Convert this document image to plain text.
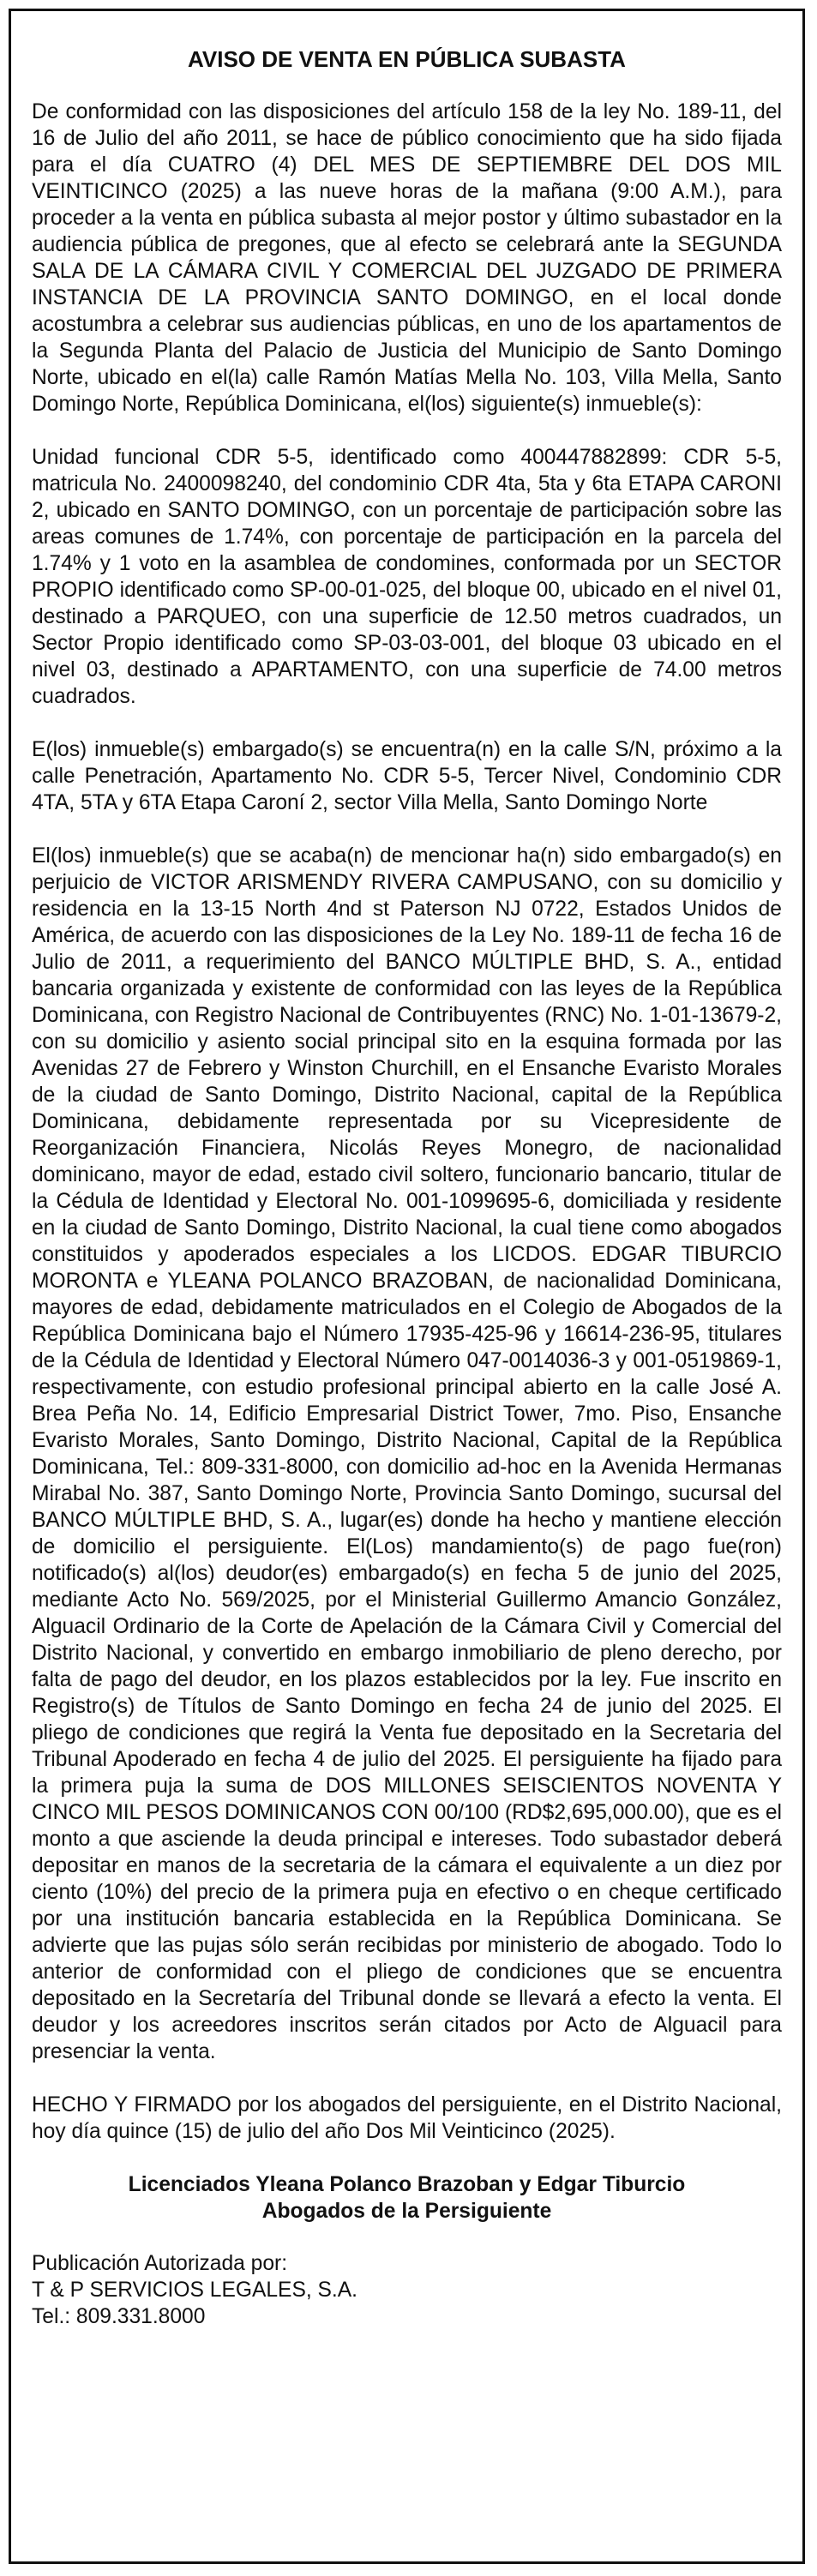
AVISO DE VENTA EN PÚBLICA SUBASTA

De conformidad con las disposiciones del artículo 158 de la ley No. 189-11, del 16 de Julio del año 2011, se hace de público conocimiento que ha sido fijada para el día CUATRO (4) DEL MES DE SEPTIEMBRE DEL DOS MIL VEINTICINCO (2025) a las nueve horas de la mañana (9:00 A.M.), para proceder a la venta en pública subasta al mejor postor y último subastador en la audiencia pública de pregones, que al efecto se celebrará ante la SEGUNDA SALA DE LA CÁMARA CIVIL Y COMERCIAL DEL JUZGADO DE PRIMERA INSTANCIA DE LA PROVINCIA SANTO DOMINGO, en el local donde acostumbra a celebrar sus audiencias públicas, en uno de los apartamentos de la Segunda Planta del Palacio de Justicia del Municipio de Santo Domingo Norte, ubicado en el(la) calle Ramón Matías Mella No. 103, Villa Mella, Santo Domingo Norte, República Dominicana, el(los) siguiente(s) inmueble(s):

Unidad funcional CDR 5-5, identificado como 400447882899: CDR 5-5, matricula No. 2400098240, del condominio CDR 4ta, 5ta y 6ta ETAPA CARONI 2, ubicado en SANTO DOMINGO, con un porcentaje de participación sobre las areas comunes de 1.74%, con porcentaje de participación en la parcela del 1.74% y 1 voto en la asamblea de condomines, conformada por un SECTOR PROPIO identificado como SP-00-01-025, del bloque 00, ubicado en el nivel 01, destinado a PARQUEO, con una superficie de 12.50 metros cuadrados, un Sector Propio identificado como SP-03-03-001, del bloque 03 ubicado en el nivel 03, destinado a APARTAMENTO, con una superficie de 74.00 metros cuadrados.

E(los) inmueble(s) embargado(s) se encuentra(n) en la calle S/N, próximo a la calle Penetración, Apartamento No. CDR 5-5, Tercer Nivel, Condominio CDR 4TA, 5TA y 6TA Etapa Caroní 2, sector Villa Mella, Santo Domingo Norte

El(los) inmueble(s) que se acaba(n) de mencionar ha(n) sido embargado(s) en perjuicio de VICTOR ARISMENDY RIVERA CAMPUSANO, con su domicilio y residencia en la 13-15 North 4nd st Paterson NJ 0722, Estados Unidos de América, de acuerdo con las disposiciones de la Ley No. 189-11 de fecha 16 de Julio de 2011, a requerimiento del BANCO MÚLTIPLE BHD, S. A., entidad bancaria organizada y existente de conformidad con las leyes de la República Dominicana, con Registro Nacional de Contribuyentes (RNC) No. 1-01-13679-2, con su domicilio y asiento social principal sito en la esquina formada por las Avenidas 27 de Febrero y Winston Churchill, en el Ensanche Evaristo Morales de la ciudad de Santo Domingo, Distrito Nacional, capital de la República Dominicana, debidamente representada por su Vicepresidente de Reorganización Financiera, Nicolás Reyes Monegro, de nacionalidad dominicano, mayor de edad, estado civil soltero, funcionario bancario, titular de la Cédula de Identidad y Electoral No. 001-1099695-6, domiciliada y residente en la ciudad de Santo Domingo, Distrito Nacional, la cual tiene como abogados constituidos y apoderados especiales a los LICDOS. EDGAR TIBURCIO MORONTA e YLEANA POLANCO BRAZOBAN, de nacionalidad Dominicana, mayores de edad, debidamente matriculados en el Colegio de Abogados de la República Dominicana bajo el Número 17935-425-96 y 16614-236-95, titulares de la Cédula de Identidad y Electoral Número 047-0014036-3 y 001-0519869-1, respectivamente, con estudio profesional principal abierto en la calle José A. Brea Peña No. 14, Edificio Empresarial District Tower, 7mo. Piso, Ensanche Evaristo Morales, Santo Domingo, Distrito Nacional, Capital de la República Dominicana, Tel.: 809-331-8000, con domicilio ad-hoc en la Avenida Hermanas Mirabal No. 387, Santo Domingo Norte, Provincia Santo Domingo, sucursal del BANCO MÚLTIPLE BHD, S. A., lugar(es) donde ha hecho y mantiene elección de domicilio el persiguiente. El(Los) mandamiento(s) de pago fue(ron) notificado(s) al(los) deudor(es) embargado(s) en fecha 5 de junio del 2025, mediante Acto No. 569/2025, por el Ministerial Guillermo Amancio González, Alguacil Ordinario de la Corte de Apelación de la Cámara Civil y Comercial del Distrito Nacional, y convertido en embargo inmobiliario de pleno derecho, por falta de pago del deudor, en los plazos establecidos por la ley. Fue inscrito en Registro(s) de Títulos de Santo Domingo en fecha 24 de junio del 2025. El pliego de condiciones que regirá la Venta fue depositado en la Secretaria del Tribunal Apoderado en fecha 4 de julio del 2025. El persiguiente ha fijado para la primera puja la suma de DOS MILLONES SEISCIENTOS NOVENTA Y CINCO MIL PESOS DOMINICANOS CON 00/100 (RD$2,695,000.00), que es el monto a que asciende la deuda principal e intereses. Todo subastador deberá depositar en manos de la secretaria de la cámara el equivalente a un diez por ciento (10%) del precio de la primera puja en efectivo o en cheque certificado por una institución bancaria establecida en la República Dominicana. Se advierte que las pujas sólo serán recibidas por ministerio de abogado. Todo lo anterior de conformidad con el pliego de condiciones que se encuentra depositado en la Secretaría del Tribunal donde se llevará a efecto la venta. El deudor y los acreedores inscritos serán citados por Acto de Alguacil para presenciar la venta.

HECHO Y FIRMADO por los abogados del persiguiente, en el Distrito Nacional, hoy día quince (15) de julio del año Dos Mil Veinticinco (2025).

Licenciados Yleana Polanco Brazoban y Edgar Tiburcio
Abogados de la Persiguiente
Publicación Autorizada por:
T & P SERVICIOS LEGALES, S.A.
Tel.: 809.331.8000
